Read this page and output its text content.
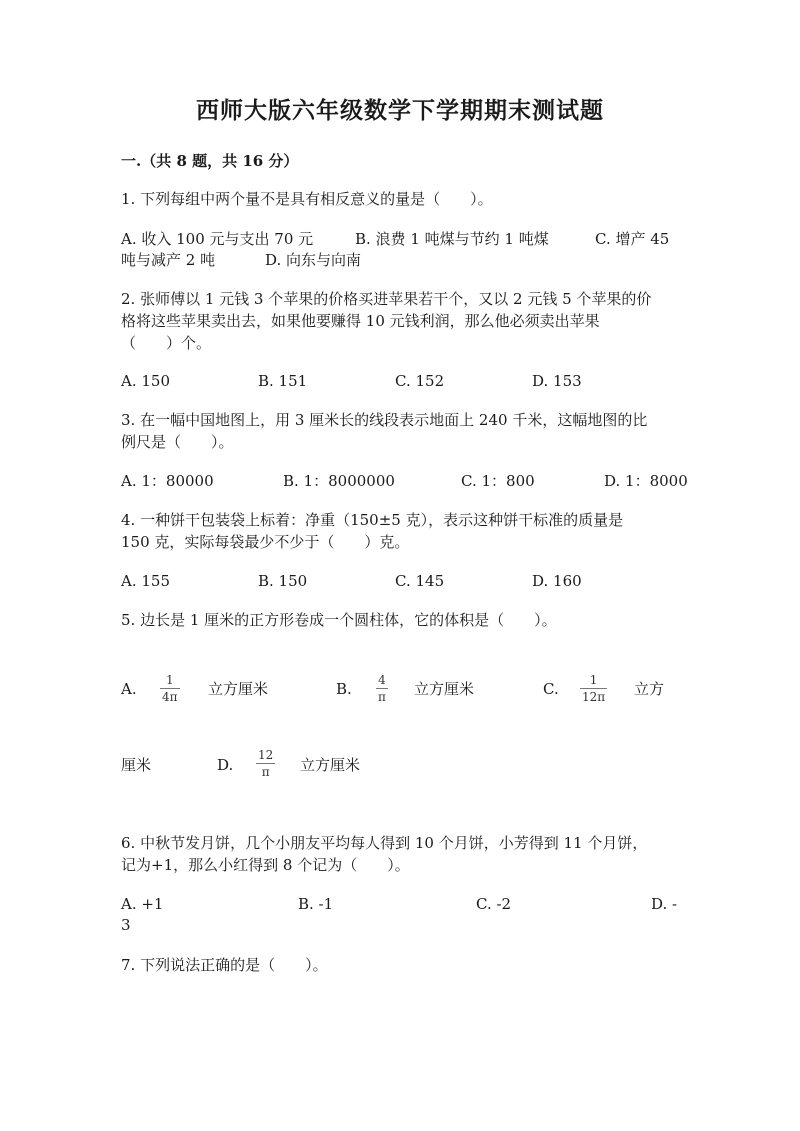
西师大版六年级数学下学期期末测试题
一.（共 8 题，共 16 分）
1. 下列每组中两个量不是具有相反意义的量是（　　）。
A. 收入 100 元与支出 70 元	B. 浪费 1 吨煤与节约 1 吨煤	C. 增产 45
吨与减产 2 吨	D. 向东与向南
2. 张师傅以 1 元钱 3 个苹果的价格买进苹果若干个，又以 2 元钱 5 个苹果的价
格将这些苹果卖出去，如果他要赚得 10 元钱利润，那么他必须卖出苹果
（　　）个。
A. 150	B. 151	C. 152	D. 153
3. 在一幅中国地图上，用 3 厘米长的线段表示地面上 240 千米，这幅地图的比
例尺是（　　）。
A. 1：80000	B. 1：8000000	C. 1：800	D. 1：8000
4. 一种饼干包装袋上标着：净重（150±5 克），表示这种饼干标准的质量是
150 克，实际每袋最少不少于（　　）克。
A. 155	B. 150	C. 145	D. 160
5. 边长是 1 厘米的正方形卷成一个圆柱体，它的体积是（　　）。
A. 1
4π 立方厘米	B. 4
π 立方厘米	C.	1
12π 立方
厘米	D.
12
π 立方厘米
6. 中秋节发月饼，几个小朋友平均每人得到 10 个月饼，小芳得到 11 个月饼，
记为+1，那么小红得到 8 个记为（　　）。
A. +1	B. -1	C. -2	D. -
3
7. 下列说法正确的是（　　）。
